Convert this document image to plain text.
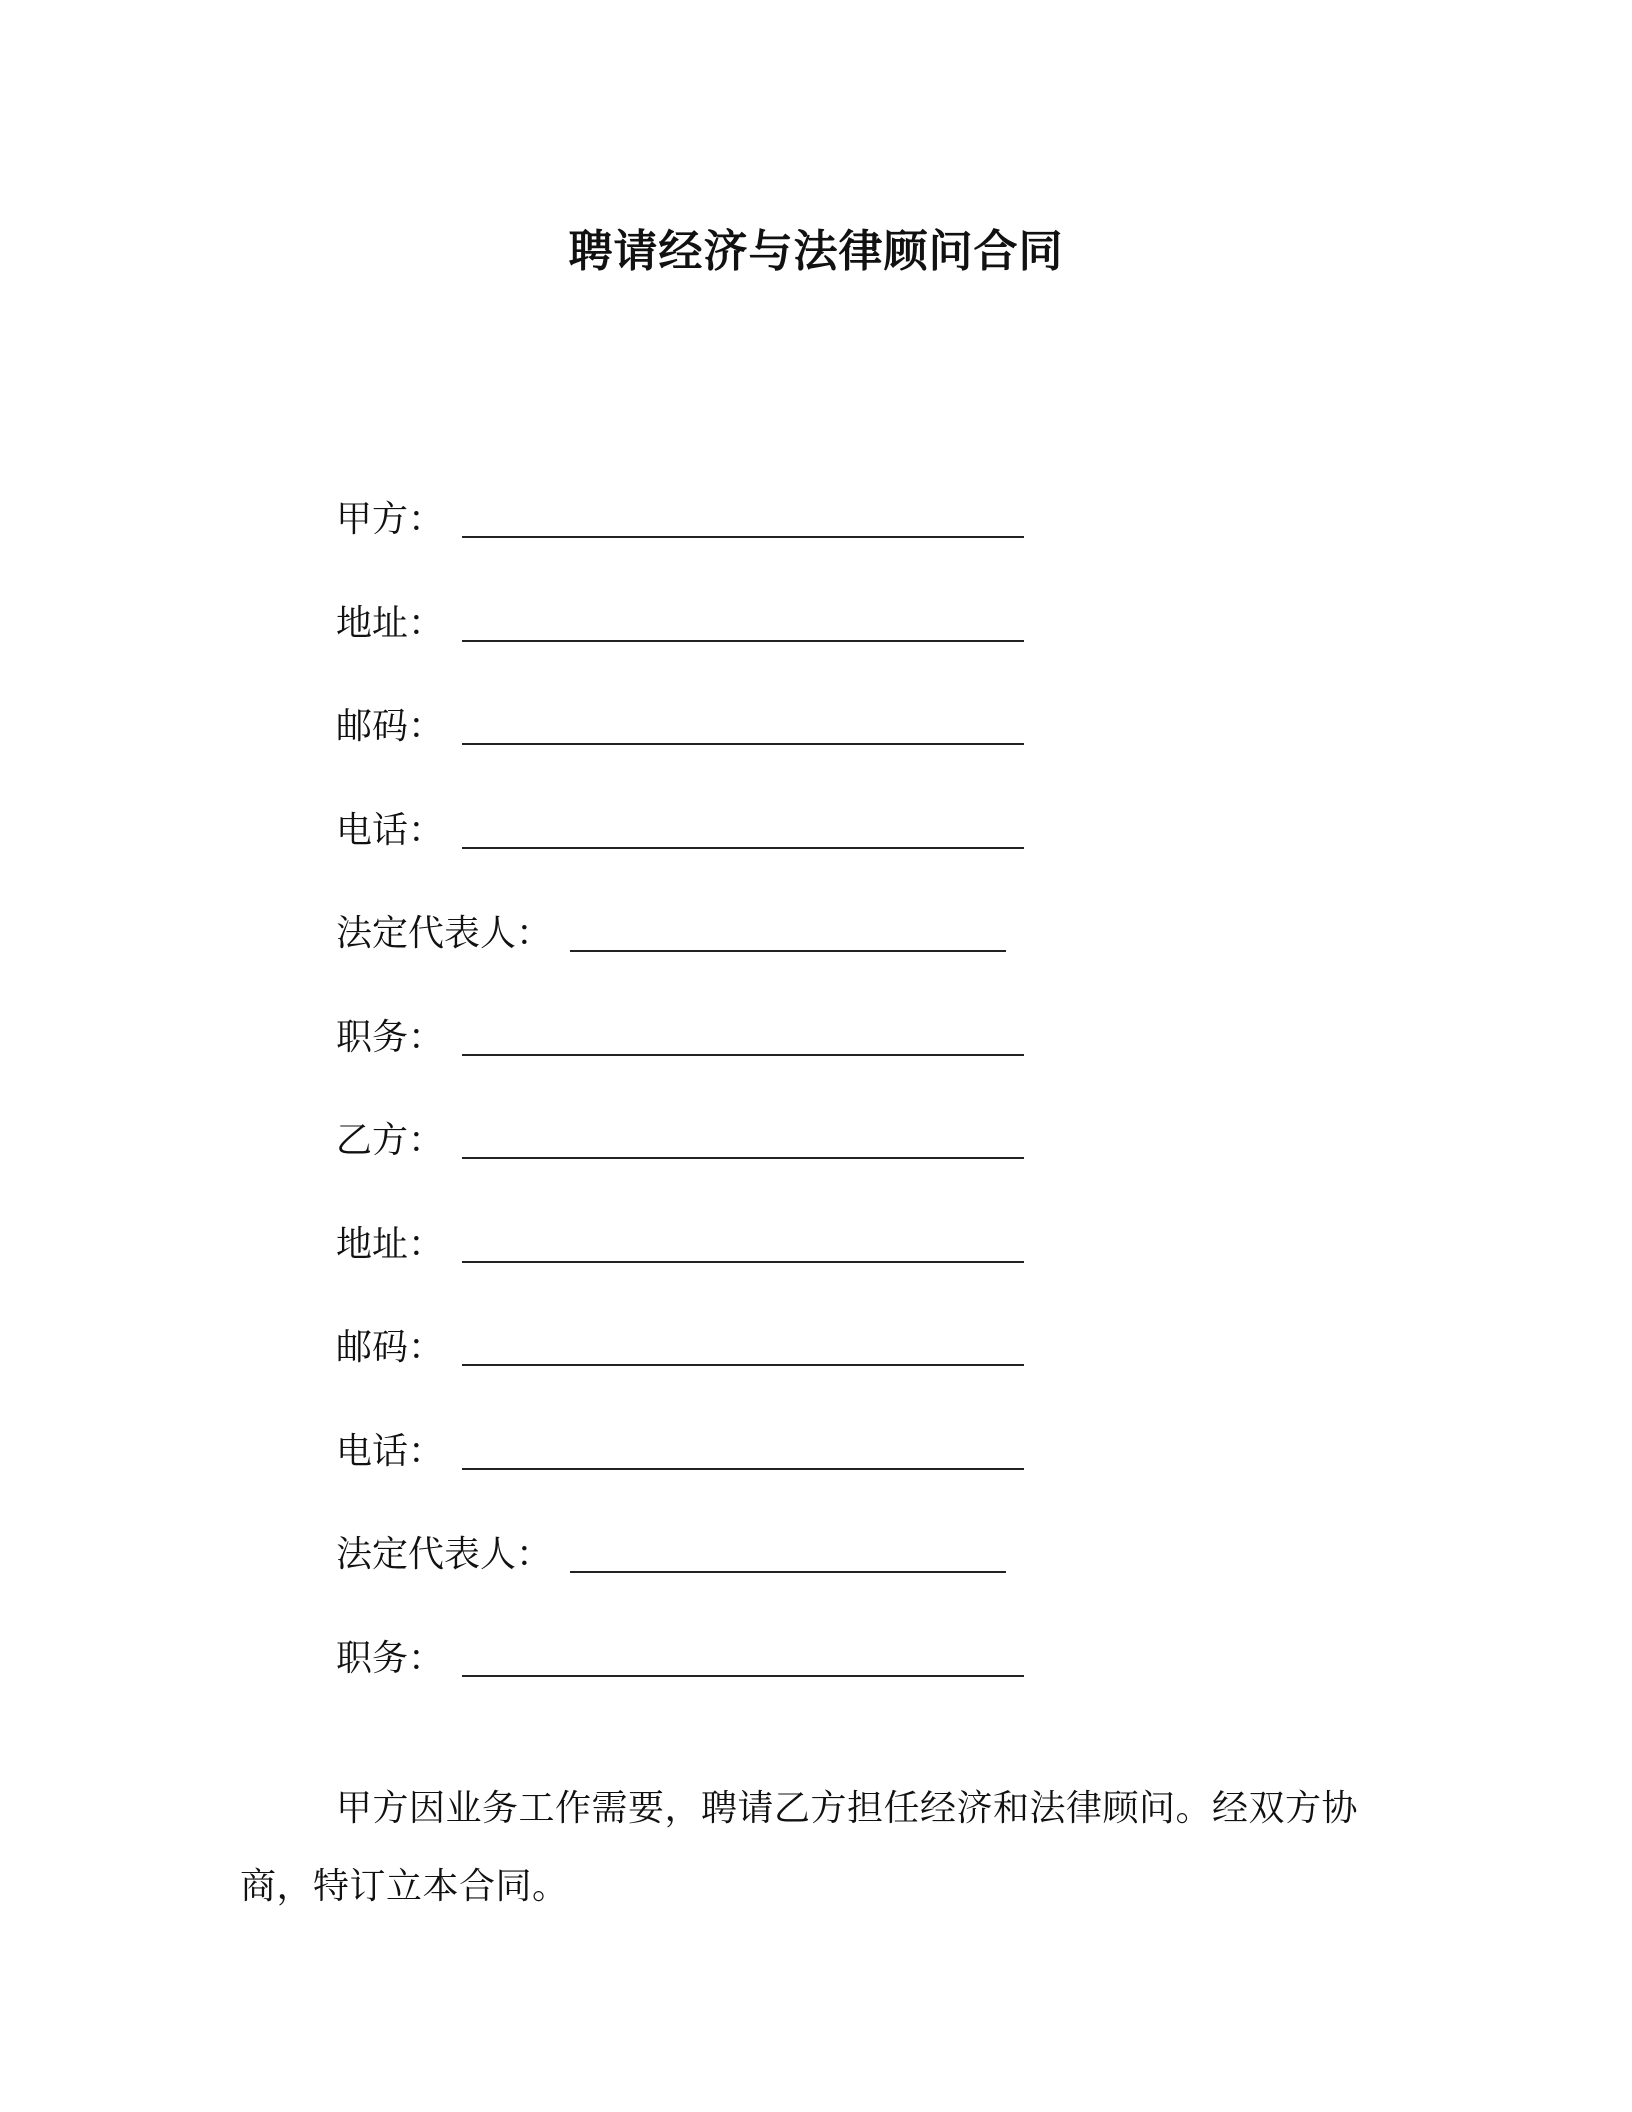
聘请经济与法律顾问合同
甲方 ：
地址 ：
邮码 ：
电话 ：
法定代表人 ：
职务 ：
乙方 ：
地址 ：
邮码 ：
电话 ：
法定代表人 ：
职务 ：

甲方因业务工作需要，聘请乙方担任经济和法律顾问。经双方协商，特订立本合同。
